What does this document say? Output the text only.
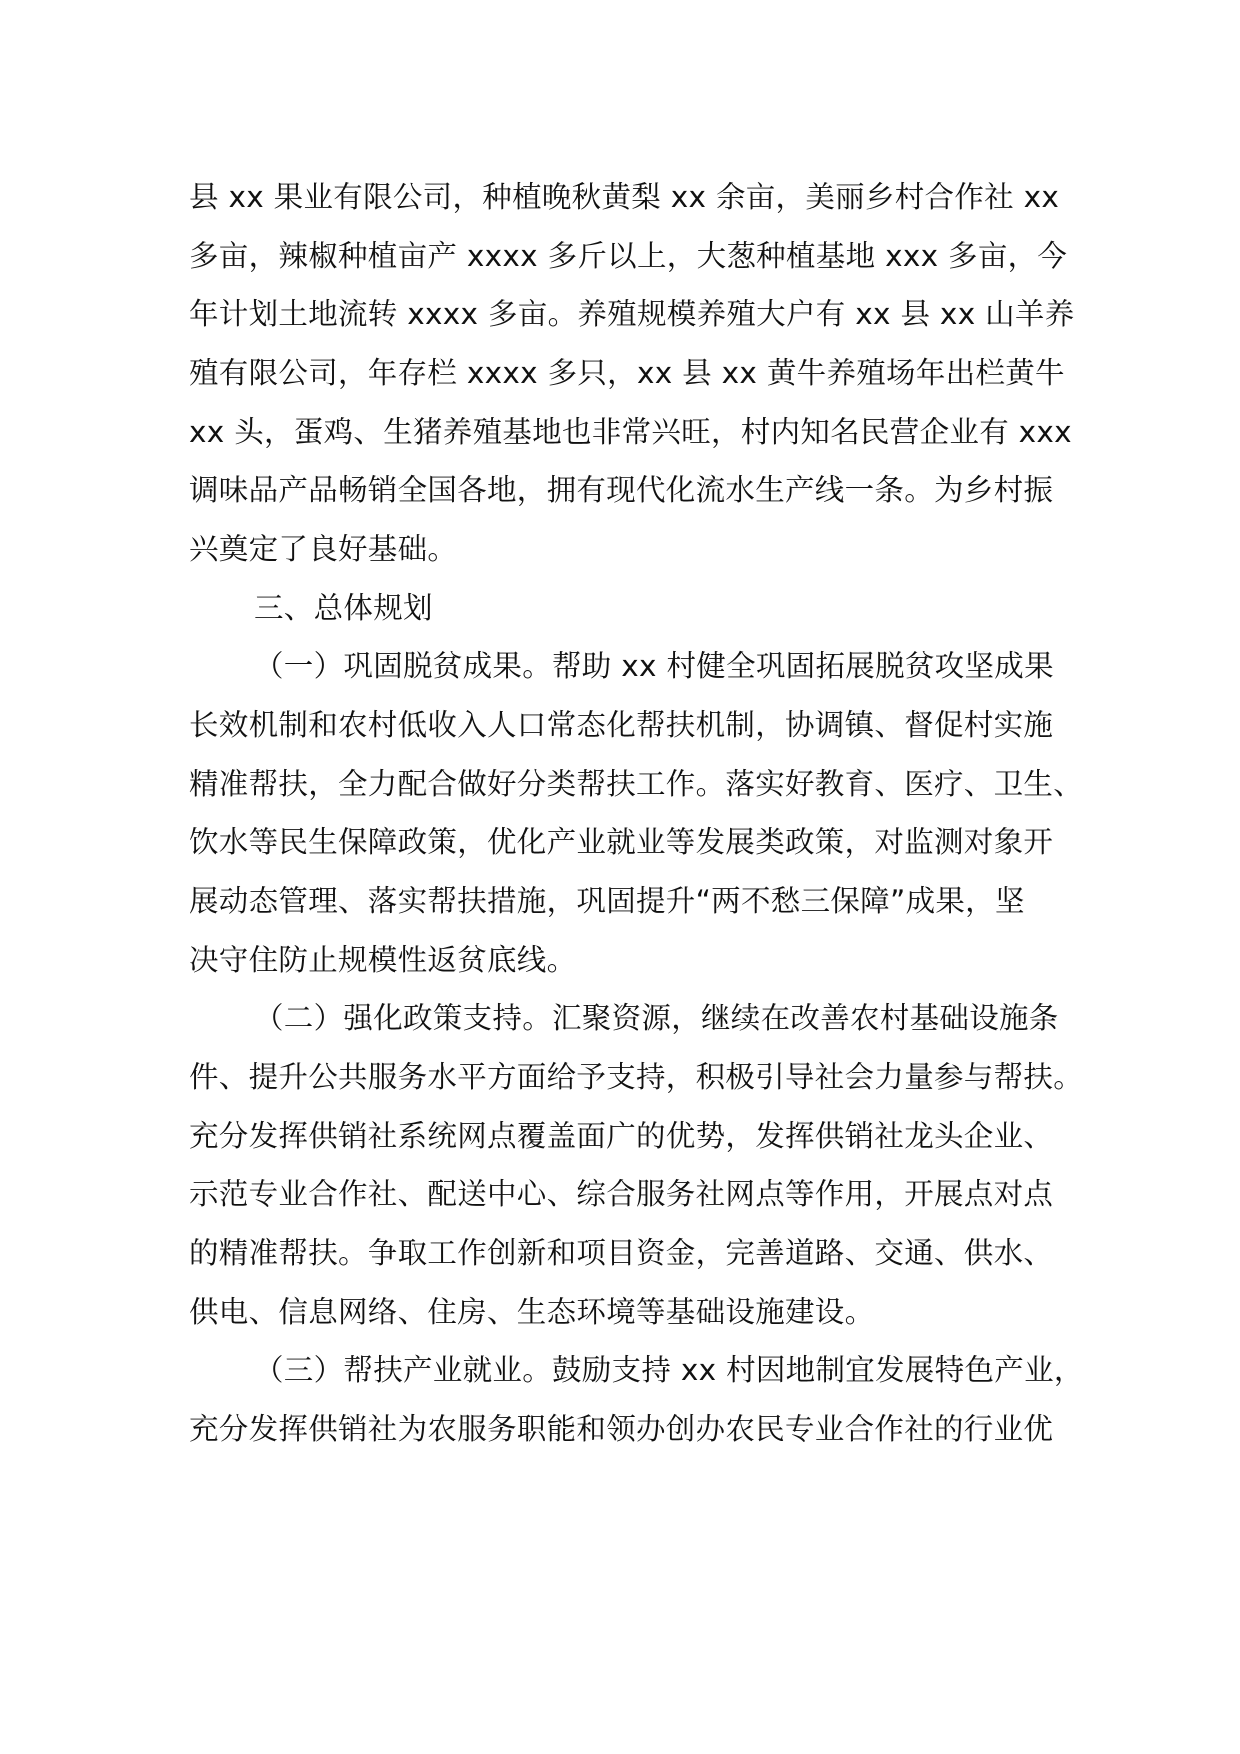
县 xx 果业有限公司，种植晚秋黄梨 xx 余亩，美丽乡村合作社 xx
多亩，辣椒种植亩产 xxxx 多斤以上，大葱种植基地 xxx 多亩，今
年计划土地流转 xxxx 多亩。养殖规模养殖大户有 xx 县 xx 山羊养
殖有限公司，年存栏 xxxx 多只，xx 县 xx 黄牛养殖场年出栏黄牛
xx 头，蛋鸡、生猪养殖基地也非常兴旺，村内知名民营企业有 xxx
调味品产品畅销全国各地，拥有现代化流水生产线一条。为乡村振
兴奠定了良好基础。
三、总体规划
（一）巩固脱贫成果。帮助 xx 村健全巩固拓展脱贫攻坚成果
长效机制和农村低收入人口常态化帮扶机制，协调镇、督促村实施
精准帮扶，全力配合做好分类帮扶工作。落实好教育、医疗、卫生、
饮水等民生保障政策，优化产业就业等发展类政策，对监测对象开
展动态管理、落实帮扶措施，巩固提升“两不愁三保障”成果，坚
决守住防止规模性返贫底线。
（二）强化政策支持。汇聚资源，继续在改善农村基础设施条
件、提升公共服务水平方面给予支持，积极引导社会力量参与帮扶。
充分发挥供销社系统网点覆盖面广的优势，发挥供销社龙头企业、
示范专业合作社、配送中心、综合服务社网点等作用，开展点对点
的精准帮扶。争取工作创新和项目资金，完善道路、交通、供水、
供电、信息网络、住房、生态环境等基础设施建设。
（三）帮扶产业就业。鼓励支持 xx 村因地制宜发展特色产业，
充分发挥供销社为农服务职能和领办创办农民专业合作社的行业优
